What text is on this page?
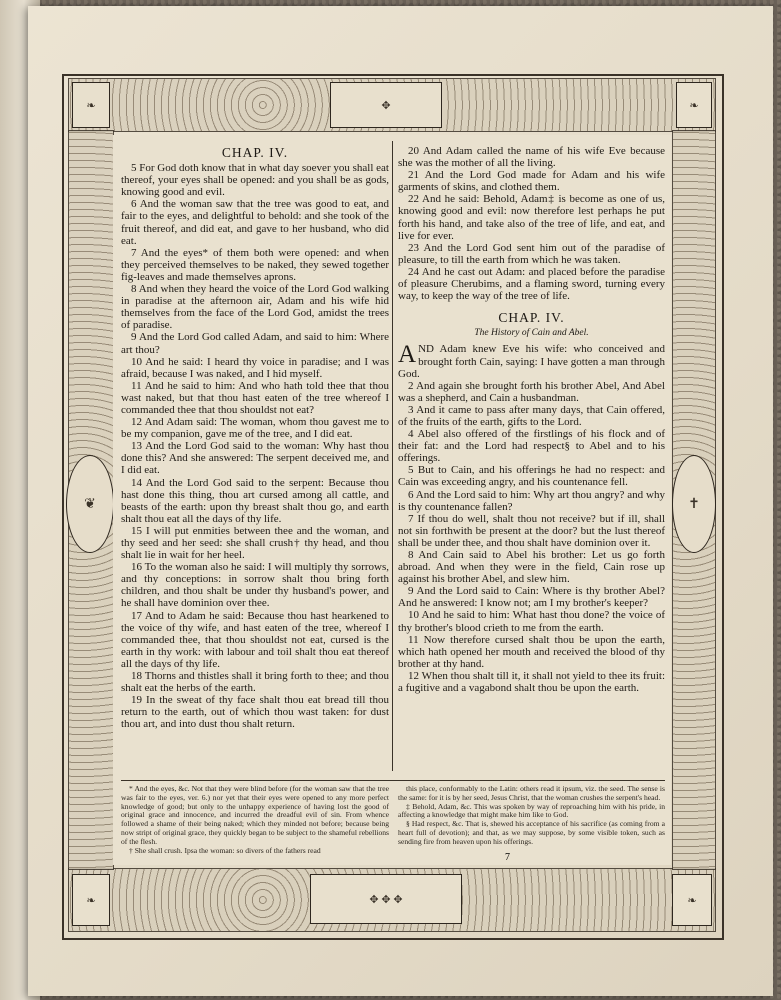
✥
✥ ✥ ✥
❦	✝
❧	❧
❧	❧
CHAP. IV.

5 For God doth know that in what day soever you shall eat thereof, your eyes shall be opened: and you shall be as gods, knowing good and evil.

6 And the woman saw that the tree was good to eat, and fair to the eyes, and delightful to behold: and she took of the fruit thereof, and did eat, and gave to her husband, who did eat.

7 And the eyes* of them both were opened: and when they perceived themselves to be naked, they sewed together fig-leaves and made themselves aprons.

8 And when they heard the voice of the Lord God walking in paradise at the afternoon air, Adam and his wife hid themselves from the face of the Lord God, amidst the trees of paradise.

9 And the Lord God called Adam, and said to him: Where art thou?

10 And he said: I heard thy voice in paradise; and I was afraid, because I was naked, and I hid myself.

11 And he said to him: And who hath told thee that thou wast naked, but that thou hast eaten of the tree whereof I commanded thee that thou shouldst not eat?

12 And Adam said: The woman, whom thou gavest me to be my companion, gave me of the tree, and I did eat.

13 And the Lord God said to the woman: Why hast thou done this? And she answered: The serpent deceived me, and I did eat.

14 And the Lord God said to the serpent: Because thou hast done this thing, thou art cursed among all cattle, and beasts of the earth: upon thy breast shalt thou go, and earth shalt thou eat all the days of thy life.

15 I will put enmities between thee and the woman, and thy seed and her seed: she shall crush† thy head, and thou shalt lie in wait for her heel.

16 To the woman also he said: I will multiply thy sorrows, and thy conceptions: in sorrow shalt thou bring forth children, and thou shalt be under thy husband's power, and he shall have dominion over thee.

17 And to Adam he said: Because thou hast hearkened to the voice of thy wife, and hast eaten of the tree, whereof I commanded thee, that thou shouldst not eat, cursed is the earth in thy work: with labour and toil shalt thou eat thereof all the days of thy life.

18 Thorns and thistles shall it bring forth to thee; and thou shalt eat the herbs of the earth.

19 In the sweat of thy face shalt thou eat bread till thou return to the earth, out of which thou wast taken: for dust thou art, and into dust thou shalt return.

20 And Adam called the name of his wife Eve because she was the mother of all the living.

21 And the Lord God made for Adam and his wife garments of skins, and clothed them.

22 And he said: Behold, Adam‡ is become as one of us, knowing good and evil: now therefore lest perhaps he put forth his hand, and take also of the tree of life, and eat, and live for ever.

23 And the Lord God sent him out of the paradise of pleasure, to till the earth from which he was taken.

24 And he cast out Adam: and placed before the paradise of pleasure Cherubims, and a flaming sword, turning every way, to keep the way of the tree of life.

CHAP. IV.
The History of Cain and Abel.

AND Adam knew Eve his wife: who conceived and brought forth Cain, saying: I have gotten a man through God.

2 And again she brought forth his brother Abel, And Abel was a shepherd, and Cain a husbandman.

3 And it came to pass after many days, that Cain offered, of the fruits of the earth, gifts to the Lord.

4 Abel also offered of the firstlings of his flock and of their fat: and the Lord had respect§ to Abel and to his offerings.

5 But to Cain, and his offerings he had no respect: and Cain was exceeding angry, and his countenance fell.

6 And the Lord said to him: Why art thou angry? and why is thy countenance fallen?

7 If thou do well, shalt thou not receive? but if ill, shall not sin forthwith be present at the door? but the lust thereof shall be under thee, and thou shalt have dominion over it.

8 And Cain said to Abel his brother: Let us go forth abroad. And when they were in the field, Cain rose up against his brother Abel, and slew him.

9 And the Lord said to Cain: Where is thy brother Abel? And he answered: I know not; am I my brother's keeper?

10 And he said to him: What hast thou done? the voice of thy brother's blood crieth to me from the earth.

11 Now therefore cursed shalt thou be upon the earth, which hath opened her mouth and received the blood of thy brother at thy hand.

12 When thou shalt till it, it shall not yield to thee its fruit: a fugitive and a vagabond shalt thou be upon the earth.

* And the eyes, &c. Not that they were blind before (for the woman saw that the tree was fair to the eyes, ver. 6.) nor yet that their eyes were opened to any more perfect knowledge of good; but only to the unhappy experience of having lost the good of original grace and innocence, and incurred the dreadful evil of sin. From whence followed a shame of their being naked; which they minded not before; because being now stript of original grace, they quickly began to be subject to the shameful rebellions of the flesh.

† She shall crush. Ipsa the woman: so divers of the fathers read

this place, conformably to the Latin: others read it ipsum, viz. the seed. The sense is the same: for it is by her seed, Jesus Christ, that the woman crushes the serpent's head.

‡ Behold, Adam, &c. This was spoken by way of reproaching him with his pride, in affecting a knowledge that might make him like to God.

§ Had respect, &c. That is, shewed his acceptance of his sacrifice (as coming from a heart full of devotion); and that, as we may suppose, by some visible token, such as sending fire from heaven upon his offerings.

7
